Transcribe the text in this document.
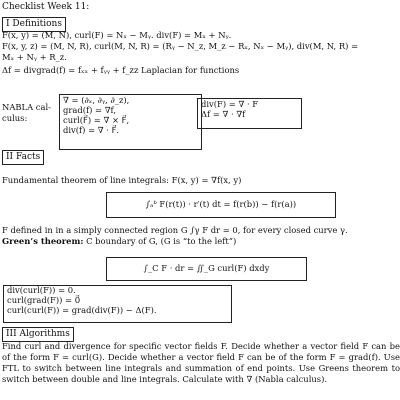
Checklist Week 11:
I Definitions
F(x, y) = (M, N), curl(F) = Nₓ − Mᵧ. div(F) = Mₓ + Nᵧ.
F(x, y, z) = (M, N, R), curl(M, N, R) = (Rᵧ − N_z, M_z − Rₓ, Nₓ − Mᵧ), div(M, N, R) =
Mₓ + Nᵧ + R_z.
Δf = divgrad(f) = fₓₓ + fᵧᵧ + f_zz Laplacian for functions
NABLA cal-
culus:
∇ = (∂ₓ, ∂ᵧ, ∂_z),
grad(f) = ∇f,
curl(F⃗) = ∇ × F⃗,
div(f) = ∇ · F⃗.
div(F) = ∇ · F
Δf = ∇ · ∇f
II Facts
Fundamental theorem of line integrals: F(x, y) = ∇f(x, y)
∫ₐᵇ F(r(t)) · r′(t) dt = f(r(b)) − f(r(a))
F defined in in a simply connected region G ∫γ F dr = 0, for every closed curve γ.
Green’s theorem: C boundary of G, (G is “to the left”)
∫_C F · dr = ∬_G curl(F) dxdy
div(curl(F)) = 0.
curl(grad(F)) = 0⃗
curl(curl(F)) = grad(div(F)) − Δ(F).
III Algorithms
Find curl and divergence for specific vector fields F. Decide whether a vector field F can be of the form F = curl(G). Decide whether a vector field F can be of the form F = grad(f). Use FTL to switch between line integrals and summation of end points. Use Greens theorem to switch between double and line integrals. Calculate with ∇ (Nabla calculus).
